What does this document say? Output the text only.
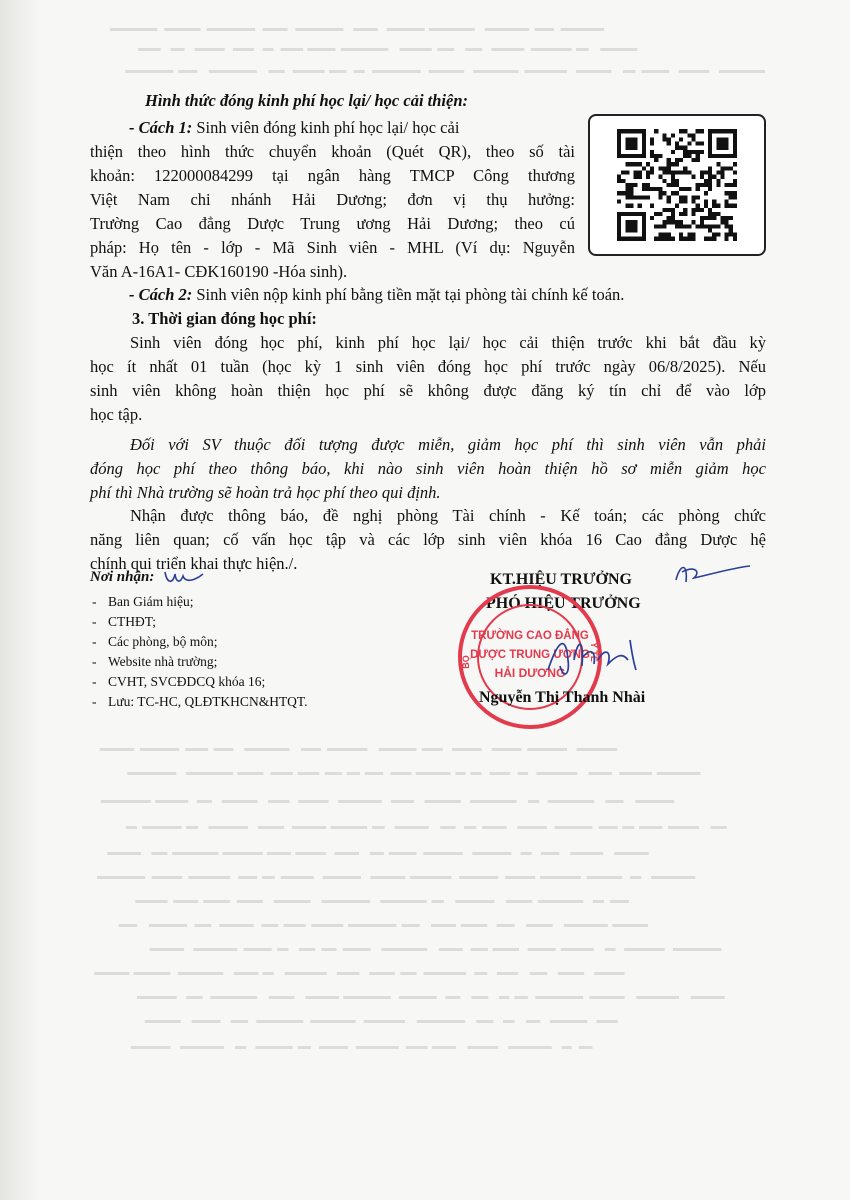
Hình thức đóng kinh phí học lại/ học cải thiện:

- Cách 1: Sinh viên đóng kinh phí học lại/ học cải

thiện theo hình thức chuyển khoản (Quét QR), theo số tài

khoản: 122000084299 tại ngân hàng TMCP Công thương

Việt Nam chi nhánh Hải Dương; đơn vị thụ hưởng:

Trường Cao đẳng Dược Trung ương Hải Dương; theo cú

pháp: Họ tên - lớp - Mã Sinh viên - MHL (Ví dụ: Nguyễn

Văn A-16A1- CĐK160190 -Hóa sinh).

- Cách 2: Sinh viên nộp kinh phí bằng tiền mặt tại phòng tài chính kế toán.

3. Thời gian đóng học phí:

Sinh viên đóng học phí, kinh phí học lại/ học cải thiện trước khi bắt đầu kỳ

học ít nhất 01 tuần (học kỳ 1 sinh viên đóng học phí trước ngày 06/8/2025). Nếu

sinh viên không hoàn thiện học phí sẽ không được đăng ký tín chỉ để vào lớp

học tập.

Đối với SV thuộc đối tượng được miễn, giảm học phí thì sinh viên vẫn phải

đóng học phí theo thông báo, khi nào sinh viên hoàn thiện hồ sơ miễn giảm học

phí thì Nhà trường sẽ hoàn trả học phí theo qui định.

Nhận được thông báo, đề nghị phòng Tài chính - Kế toán; các phòng chức

năng liên quan; cố vấn học tập và các lớp sinh viên khóa 16 Cao đẳng Dược hệ

chính qui triển khai thực hiện./.

Nơi nhận:
- Ban Giám hiệu;
- CTHĐT;
- Các phòng, bộ môn;
- Website nhà trường;
- CVHT, SVCĐDCQ khóa 16;
- Lưu: TC-HC, QLĐTKHCN&HTQT.
KT.HIỆU TRƯỞNG
PHÓ HIỆU TRƯỞNG
TRƯỜNG CAO ĐẲNG
DƯỢC TRUNG ƯƠNG
HẢI DƯƠNG
BỘ
Y TẾ
Nguyễn Thị Thanh Nhài
